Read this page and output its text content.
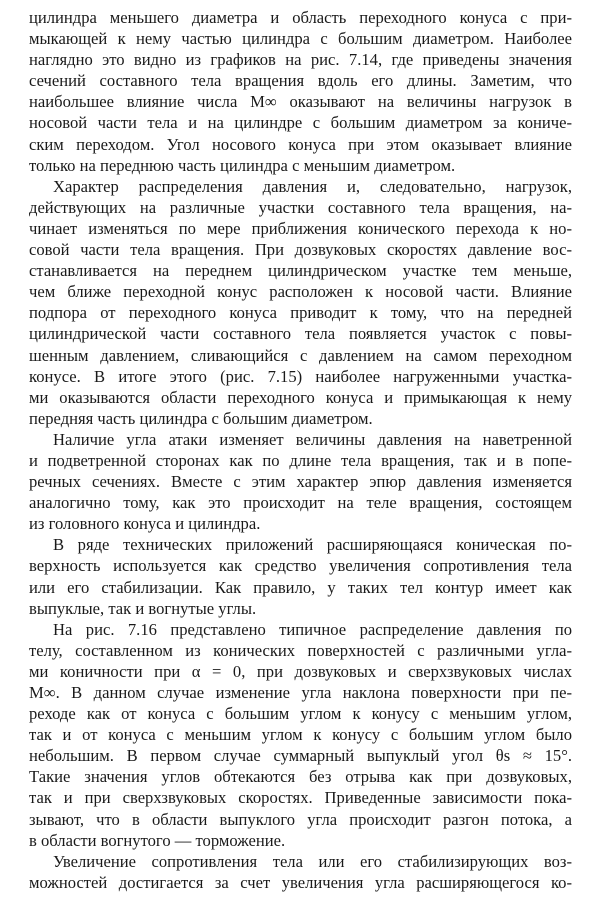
цилиндра меньшего диаметра и область переходного конуса с при-
мыкающей к нему частью цилиндра с большим диаметром. Наиболее
наглядно это видно из графиков на рис. 7.14, где приведены значения
сечений составного тела вращения вдоль его длины. Заметим, что
наибольшее влияние числа M∞ оказывают на величины нагрузок в
носовой части тела и на цилиндре с большим диаметром за кониче-
ским переходом. Угол носового конуса при этом оказывает влияние
только на переднюю часть цилиндра с меньшим диаметром.
Характер распределения давления и, следовательно, нагрузок,
действующих на различные участки составного тела вращения, на-
чинает изменяться по мере приближения конического перехода к но-
совой части тела вращения. При дозвуковых скоростях давление вос-
станавливается на переднем цилиндрическом участке тем меньше,
чем ближе переходной конус расположен к носовой части. Влияние
подпора от переходного конуса приводит к тому, что на передней
цилиндрической части составного тела появляется участок с повы-
шенным давлением, сливающийся с давлением на самом переходном
конусе. В итоге этого (рис. 7.15) наиболее нагруженными участка-
ми оказываются области переходного конуса и примыкающая к нему
передняя часть цилиндра с большим диаметром.
Наличие угла атаки изменяет величины давления на наветренной
и подветренной сторонах как по длине тела вращения, так и в попе-
речных сечениях. Вместе с этим характер эпюр давления изменяется
аналогично тому, как это происходит на теле вращения, состоящем
из головного конуса и цилиндра.
В ряде технических приложений расширяющаяся коническая по-
верхность используется как средство увеличения сопротивления тела
или его стабилизации. Как правило, у таких тел контур имеет как
выпуклые, так и вогнутые углы.
На рис. 7.16 представлено типичное распределение давления по
телу, составленном из конических поверхностей с различными угла-
ми коничности при α = 0, при дозвуковых и сверхзвуковых числах
M∞. В данном случае изменение угла наклона поверхности при пе-
реходе как от конуса с большим углом к конусу с меньшим углом,
так и от конуса с меньшим углом к конусу с большим углом было
небольшим. В первом случае суммарный выпуклый угол θs ≈ 15°.
Такие значения углов обтекаются без отрыва как при дозвуковых,
так и при сверхзвуковых скоростях. Приведенные зависимости пока-
зывают, что в области выпуклого угла происходит разгон потока, а
в области вогнутого — торможение.
Увеличение сопротивления тела или его стабилизирующих воз-
можностей достигается за счет увеличения угла расширяющегося ко-
